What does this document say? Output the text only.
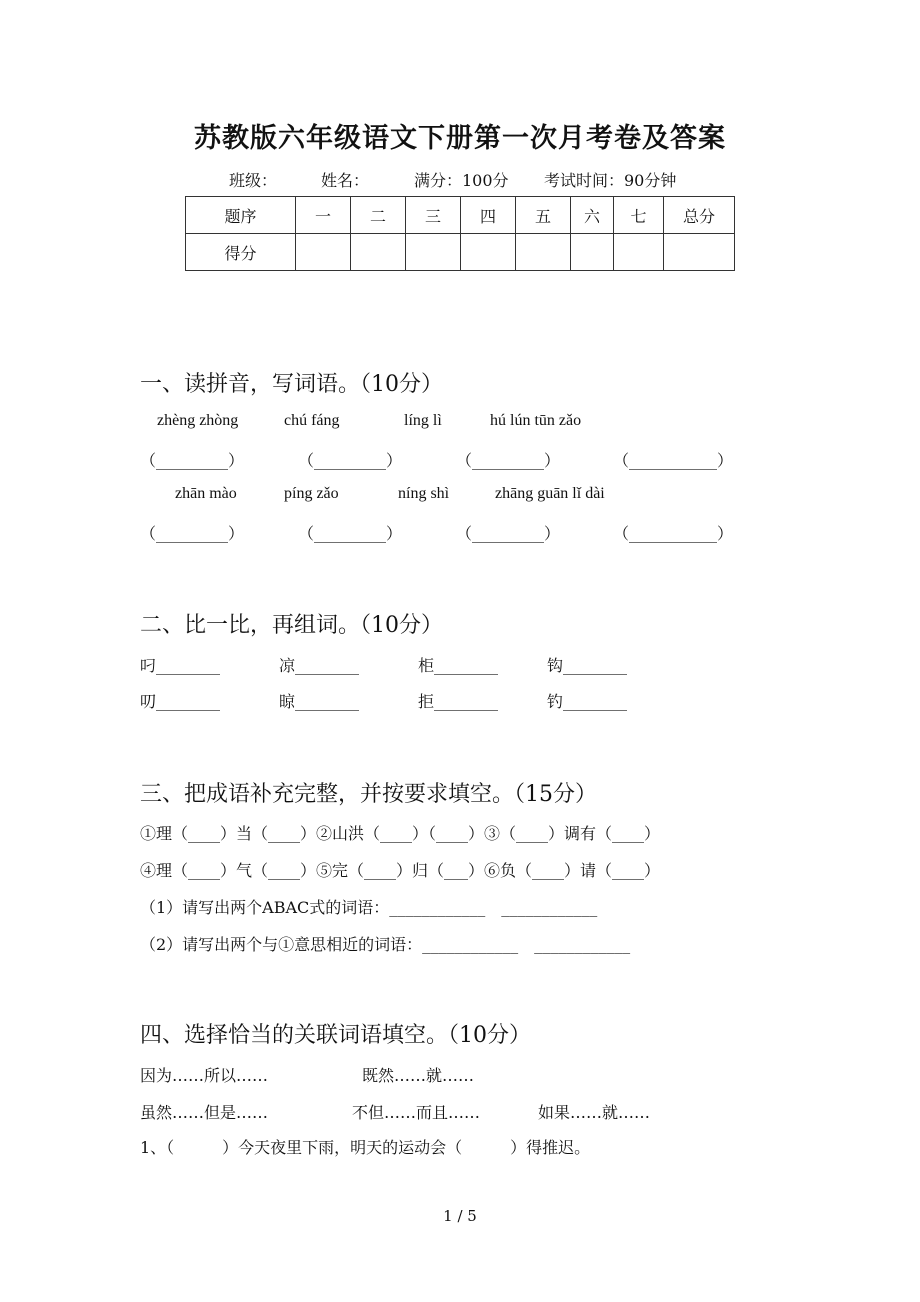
苏教版六年级语文下册第一次月考卷及答案
班级：	姓名：	满分：100分 考试时间：90分钟
题序	一	二	三	四	五	六	七	总分
得分								
一、读拼音，写词语。（10分）
zhèng zhòng	chú fáng	líng lì	hú lún tūn zǎo
（_________）	（_________）	（_________）	（___________）
zhān mào	píng zǎo	níng shì	zhāng guān lǐ dài
（_________）	（_________）	（_________）	（___________）
二、比一比，再组词。（10分）
叼________	凉________	柜________	钩________
叨________	晾________	拒________	钓________
三、把成语补充完整，并按要求填空。（15分）
①理（____）当（____）②山洪（____）（____）③（____）调有（____）
④理（____）气（____）⑤完（____）归（___）⑥负（____）请（____）
（1）请写出两个ABAC式的词语：____________　____________
（2）请写出两个与①意思相近的词语：____________　____________
四、选择恰当的关联词语填空。（10分）
因为……所以……	既然……就……
虽然……但是……	不但……而且……	如果……就……
1、（　　　）今天夜里下雨，明天的运动会（　　　）得推迟。
1 / 5
